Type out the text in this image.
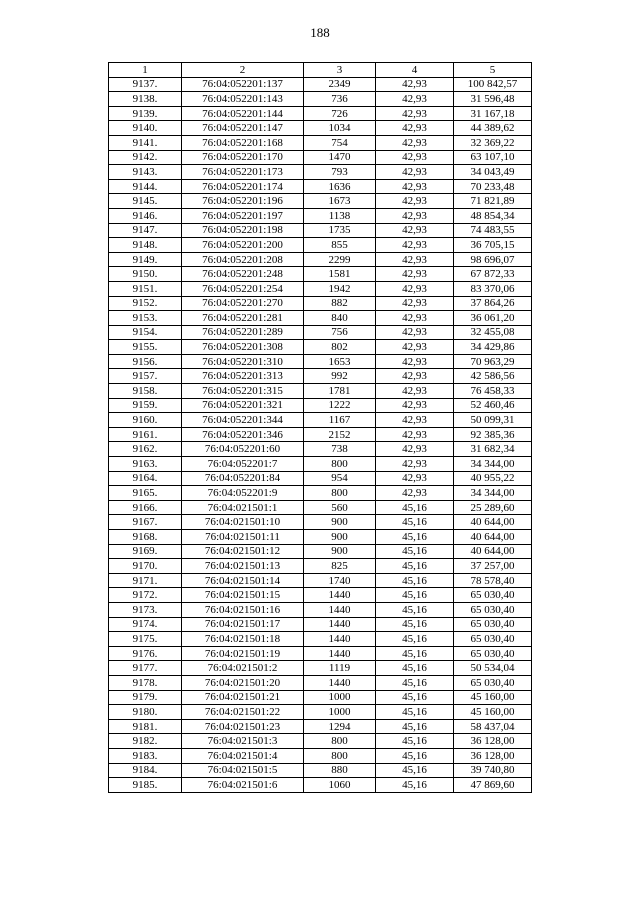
188
1	2	3	4	5
9137.	76:04:052201:137	2349	42,93	100 842,57
9138.	76:04:052201:143	736	42,93	31 596,48
9139.	76:04:052201:144	726	42,93	31 167,18
9140.	76:04:052201:147	1034	42,93	44 389,62
9141.	76:04:052201:168	754	42,93	32 369,22
9142.	76:04:052201:170	1470	42,93	63 107,10
9143.	76:04:052201:173	793	42,93	34 043,49
9144.	76:04:052201:174	1636	42,93	70 233,48
9145.	76:04:052201:196	1673	42,93	71 821,89
9146.	76:04:052201:197	1138	42,93	48 854,34
9147.	76:04:052201:198	1735	42,93	74 483,55
9148.	76:04:052201:200	855	42,93	36 705,15
9149.	76:04:052201:208	2299	42,93	98 696,07
9150.	76:04:052201:248	1581	42,93	67 872,33
9151.	76:04:052201:254	1942	42,93	83 370,06
9152.	76:04:052201:270	882	42,93	37 864,26
9153.	76:04:052201:281	840	42,93	36 061,20
9154.	76:04:052201:289	756	42,93	32 455,08
9155.	76:04:052201:308	802	42,93	34 429,86
9156.	76:04:052201:310	1653	42,93	70 963,29
9157.	76:04:052201:313	992	42,93	42 586,56
9158.	76:04:052201:315	1781	42,93	76 458,33
9159.	76:04:052201:321	1222	42,93	52 460,46
9160.	76:04:052201:344	1167	42,93	50 099,31
9161.	76:04:052201:346	2152	42,93	92 385,36
9162.	76:04:052201:60	738	42,93	31 682,34
9163.	76:04:052201:7	800	42,93	34 344,00
9164.	76:04:052201:84	954	42,93	40 955,22
9165.	76:04:052201:9	800	42,93	34 344,00
9166.	76:04:021501:1	560	45,16	25 289,60
9167.	76:04:021501:10	900	45,16	40 644,00
9168.	76:04:021501:11	900	45,16	40 644,00
9169.	76:04:021501:12	900	45,16	40 644,00
9170.	76:04:021501:13	825	45,16	37 257,00
9171.	76:04:021501:14	1740	45,16	78 578,40
9172.	76:04:021501:15	1440	45,16	65 030,40
9173.	76:04:021501:16	1440	45,16	65 030,40
9174.	76:04:021501:17	1440	45,16	65 030,40
9175.	76:04:021501:18	1440	45,16	65 030,40
9176.	76:04:021501:19	1440	45,16	65 030,40
9177.	76:04:021501:2	1119	45,16	50 534,04
9178.	76:04:021501:20	1440	45,16	65 030,40
9179.	76:04:021501:21	1000	45,16	45 160,00
9180.	76:04:021501:22	1000	45,16	45 160,00
9181.	76:04:021501:23	1294	45,16	58 437,04
9182.	76:04:021501:3	800	45,16	36 128,00
9183.	76:04:021501:4	800	45,16	36 128,00
9184.	76:04:021501:5	880	45,16	39 740,80
9185.	76:04:021501:6	1060	45,16	47 869,60
